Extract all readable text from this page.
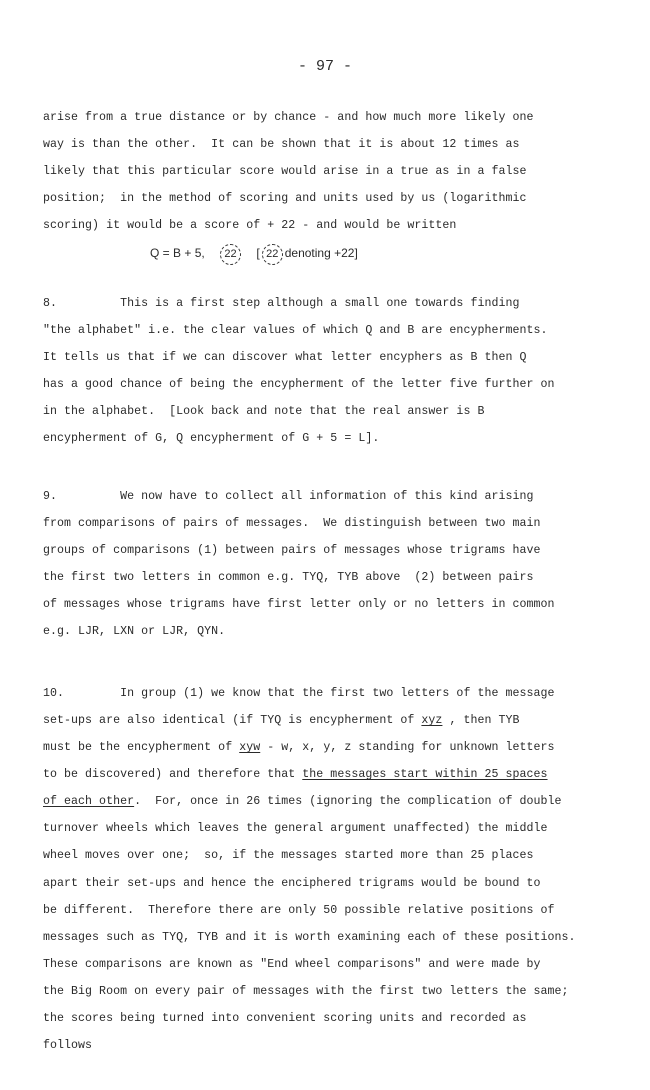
- 97 -
Q = B + 5, 22 [ 22 denoting +22]
arise from a true distance or by chance - and how much more likely one
way is than the other.  It can be shown that it is about 12 times as
likely that this particular score would arise in a true as in a false
position;  in the method of scoring and units used by us (logarithmic
scoring) it would be a score of + 22 - and would be written
8.         This is a first step although a small one towards finding
"the alphabet" i.e. the clear values of which Q and B are encypherments.
It tells us that if we can discover what letter encyphers as B then Q
has a good chance of being the encypherment of the letter five further on
in the alphabet.  [Look back and note that the real answer is B
encypherment of G, Q encypherment of G + 5 = L].
9.         We now have to collect all information of this kind arising
from comparisons of pairs of messages.  We distinguish between two main
groups of comparisons (1) between pairs of messages whose trigrams have
the first two letters in common e.g. TYQ, TYB above  (2) between pairs
of messages whose trigrams have first letter only or no letters in common
e.g. LJR, LXN or LJR, QYN.
10.        In group (1) we know that the first two letters of the message
set-ups are also identical (if TYQ is encypherment of xyz , then TYB
must be the encypherment of xyw - w, x, y, z standing for unknown letters
to be discovered) and therefore that the messages start within 25 spaces
of each other.  For, once in 26 times (ignoring the complication of double
turnover wheels which leaves the general argument unaffected) the middle
wheel moves over one;  so, if the messages started more than 25 places
apart their set-ups and hence the enciphered trigrams would be bound to
be different.  Therefore there are only 50 possible relative positions of
messages such as TYQ, TYB and it is worth examining each of these positions.
These comparisons are known as "End wheel comparisons" and were made by
the Big Room on every pair of messages with the first two letters the same;
the scores being turned into convenient scoring units and recorded as
follows
